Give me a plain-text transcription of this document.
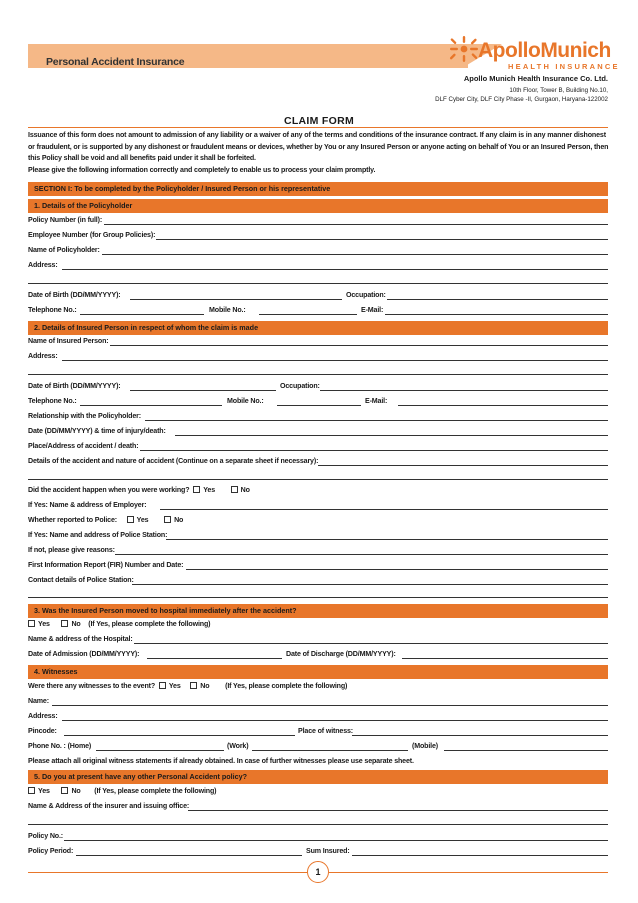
Personal Accident Insurance	ApolloMunich
HEALTH INSURANCE
Apollo Munich Health Insurance Co. Ltd.
10th Floor, Tower B, Building No.10,
DLF Cyber City, DLF City Phase -II, Gurgaon, Haryana-122002
CLAIM FORM

Issuance of this form does not amount to admission of any liability or a waiver of any of the terms and conditions of the insurance contract. If any claim is in any manner dishonest or fraudulent, or is supported by any dishonest or fraudulent means or devices, whether by You or any Insured Person or anyone acting on behalf of You or an Insured Person, then this Policy shall be void and all benefits paid under it shall be forfeited.

Please give the following information correctly and completely to enable us to process your claim promptly.

SECTION I: To be completed by the Policyholder / Insured Person or his representative
1. Details of the Policyholder
Policy Number (in full):
Employee Number (for Group Policies):
Name of Policyholder:
Address:
Date of Birth (DD/MM/YYYY):	Occupation:
Telephone No.:	Mobile No.:	E-Mail:
2. Details of Insured Person in respect of whom the claim is made
Name of Insured Person:
Address:
Date of Birth (DD/MM/YYYY):	Occupation:
Telephone No.:	Mobile No.:	E-Mail:
Relationship with the Policyholder:
Date (DD/MM/YYYY) & time of injury/death:
Place/Address of accident / death:
Details of the accident and nature of accident (Continue on a separate sheet if necessary):
Did the accident happen when you were working? Yes	No
If Yes: Name & address of Employer:
Whether reported to Police:	Yes	No
If Yes: Name and address of Police Station:
If not, please give reasons:
First Information Report (FIR) Number and Date:
Contact details of Police Station:
3. Was the Insured Person moved to hospital immediately after the accident?
Yes	No (If Yes, please complete the following)
Name & address of the Hospital:
Date of Admission (DD/MM/YYYY):	Date of Discharge (DD/MM/YYYY):
4. Witnesses
Were there any witnesses to the event? Yes	No (If Yes, please complete the following)
Name:
Address:
Pincode:	Place of witness:
Phone No. : (Home)	(Work)	(Mobile)
Please attach all original witness statements if already obtained. In case of further witnesses please use separate sheet.
5. Do you at present have any other Personal Accident policy?
Yes	No (If Yes, please complete the following)
Name & Address of the insurer and issuing office:
Policy No.:
Policy Period:	Sum Insured:
1
